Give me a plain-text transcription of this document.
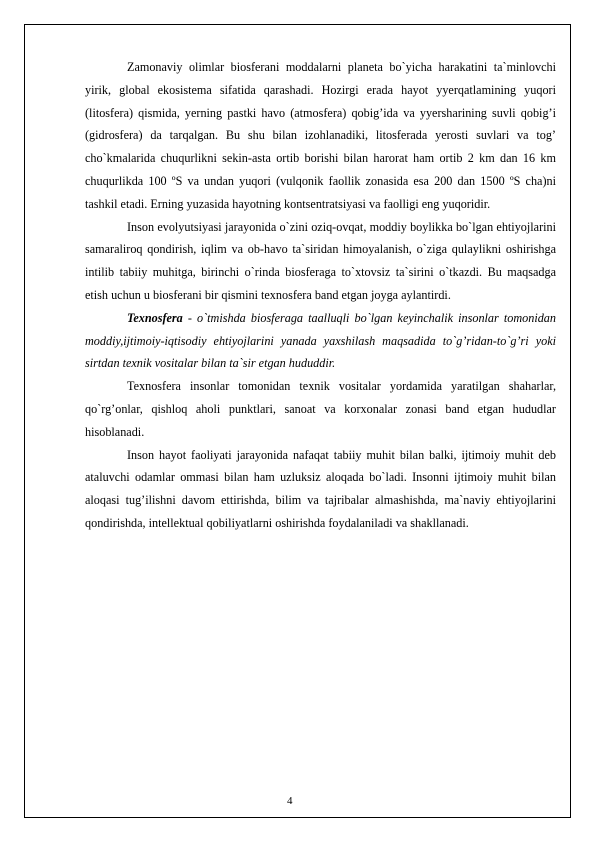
Zamonaviy olimlar biosferani moddalarni planeta bo`yicha harakatini ta`minlovchi yirik, global ekosistema sifatida qarashadi. Hozirgi erada hayot yyerqatlamining yuqori (litosfera) qismida, yerning pastki havo (atmosfera) qobig’ida va yyersharining suvli qobig’i (gidrosfera) da tarqalgan. Bu shu bilan izohlanadiki, litosferada yerosti suvlari va tog’ cho`kmalarida chuqurlikni sekin-asta ortib borishi bilan harorat ham ortib 2 km dan 16 km chuqurlikda 100 ºS va undan yuqori (vulqonik faollik zonasida esa 200 dan 1500 ºS cha)ni tashkil etadi. Erning yuzasida hayotning kontsentratsiyasi va faolligi eng yuqoridir.

Inson evolyutsiyasi jarayonida o`zini oziq-ovqat, moddiy boylikka bo`lgan ehtiyojlarini samaraliroq qondirish, iqlim va ob-havo ta`siridan himoyalanish, o`ziga qulaylikni oshirishga intilib tabiiy muhitga, birinchi o`rinda biosferaga to`xtovsiz ta`sirini o`tkazdi. Bu maqsadga etish uchun u biosferani bir qismini texnosfera band etgan joyga aylantirdi.

Texnosfera - o`tmishda biosferaga taalluqli bo`lgan keyinchalik insonlar tomonidan moddiy,ijtimoiy-iqtisodiy ehtiyojlarini yanada yaxshilash maqsadida to`g’ridan-to`g’ri yoki sirtdan texnik vositalar bilan ta`sir etgan hududdir.

Texnosfera insonlar tomonidan texnik vositalar yordamida yaratilgan shaharlar, qo`rg’onlar, qishloq aholi punktlari, sanoat va korxonalar zonasi band etgan hududlar hisoblanadi.

Inson hayot faoliyati jarayonida nafaqat tabiiy muhit bilan balki, ijtimoiy muhit deb ataluvchi odamlar ommasi bilan ham uzluksiz aloqada bo`ladi. Insonni ijtimoiy muhit bilan aloqasi tug’ilishni davom ettirishda, bilim va tajribalar almashishda, ma`naviy ehtiyojlarini qondirishda, intellektual qobiliyatlarni oshirishda foydalaniladi va shakllanadi.

4
